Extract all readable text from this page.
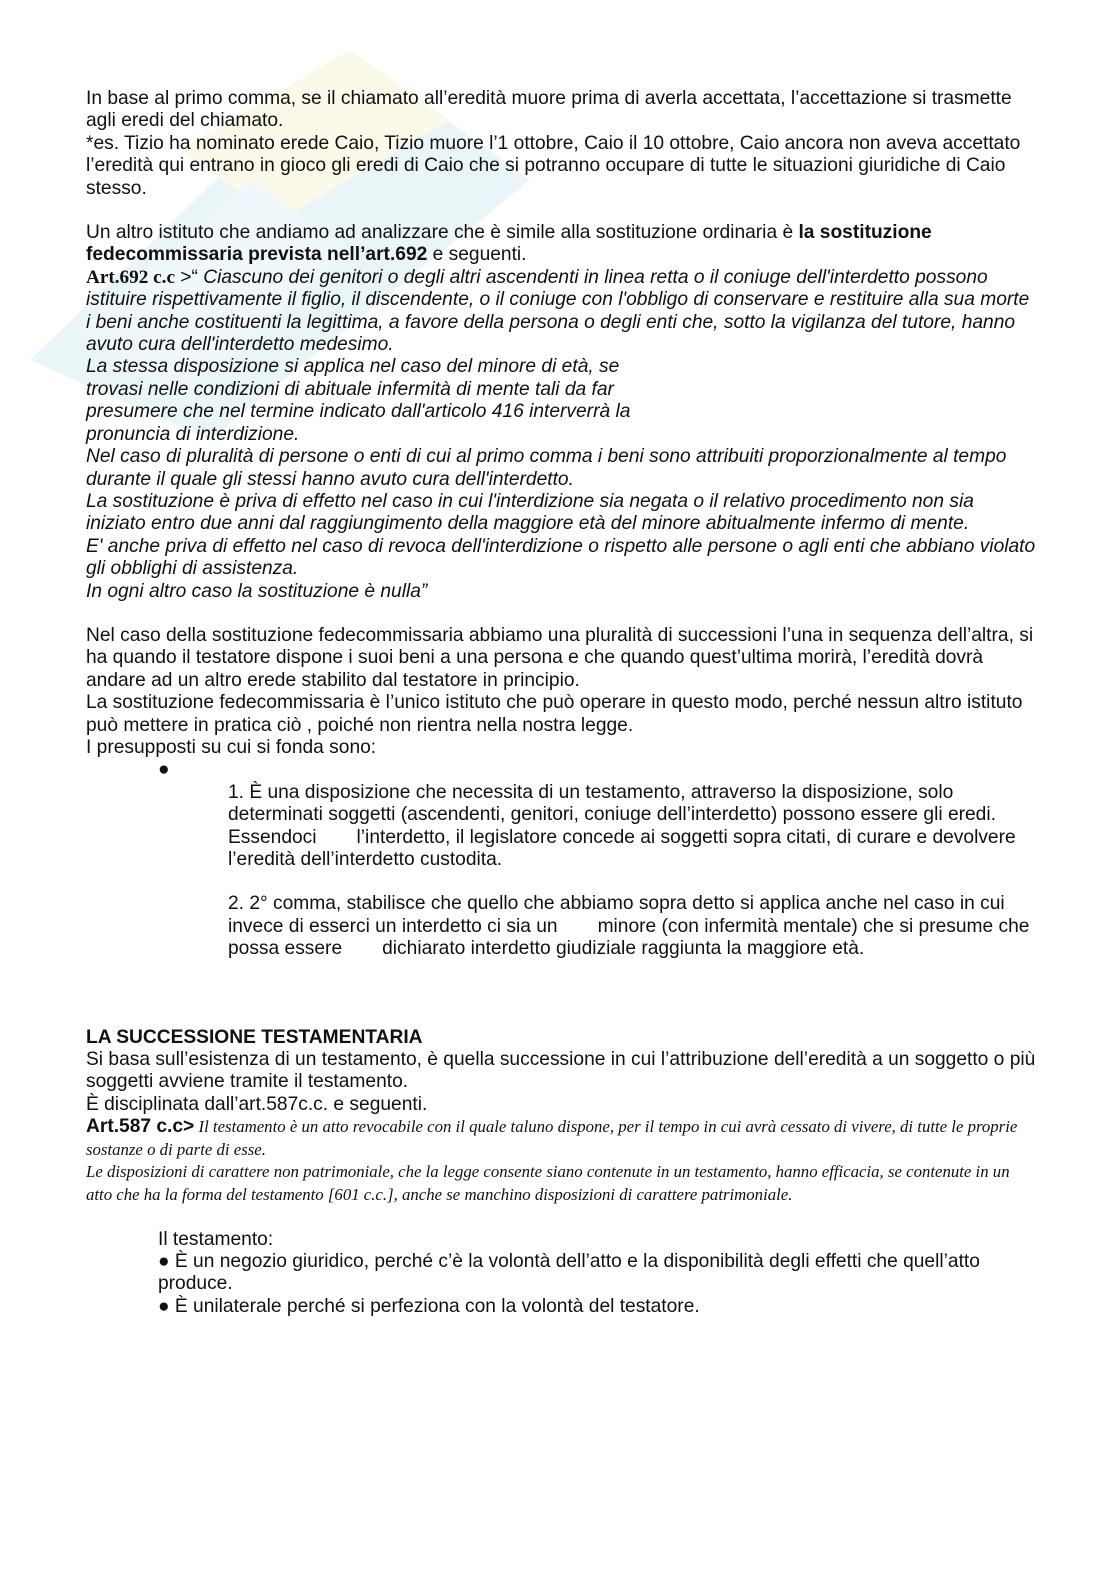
In base al primo comma, se il chiamato all’eredità muore prima di averla accettata, l’accettazione si trasmette agli eredi del chiamato.

*es. Tizio ha nominato erede Caio, Tizio muore l’1 ottobre, Caio il 10 ottobre, Caio ancora non aveva accettato l’eredità qui entrano in gioco gli eredi di Caio che si potranno occupare di tutte le situazioni giuridiche di Caio stesso.

Un altro istituto che andiamo ad analizzare che è simile alla sostituzione ordinaria è la sostituzione fedecommissaria prevista nell’art.692 e seguenti.

Art.692 c.c >“ Ciascuno dei genitori o degli altri ascendenti in linea retta o il coniuge dell'interdetto possono istituire rispettivamente il figlio, il discendente, o il coniuge con l'obbligo di conservare e restituire alla sua morte i beni anche costituenti la legittima, a favore della persona o degli enti che, sotto la vigilanza del tutore, hanno avuto cura dell'interdetto medesimo.

La stessa disposizione si applica nel caso del minore di età, se

trovasi nelle condizioni di abituale infermità di mente tali da far

presumere che nel termine indicato dall'articolo 416 interverrà la

pronuncia di interdizione.

Nel caso di pluralità di persone o enti di cui al primo comma i beni sono attribuiti proporzionalmente al tempo durante il quale gli stessi hanno avuto cura dell'interdetto.

La sostituzione è priva di effetto nel caso in cui l'interdizione sia negata o il relativo procedimento non sia iniziato entro due anni dal raggiungimento della maggiore età del minore abitualmente infermo di mente.

E' anche priva di effetto nel caso di revoca dell'interdizione o rispetto alle persone o agli enti che abbiano violato gli obblighi di assistenza.

In ogni altro caso la sostituzione è nulla”

Nel caso della sostituzione fedecommissaria abbiamo una pluralità di successioni l’una in sequenza dell’altra, si ha quando il testatore dispone i suoi beni a una persona e che quando quest’ultima morirà, l’eredità dovrà andare ad un altro erede stabilito dal testatore in principio.

La sostituzione fedecommissaria è l’unico istituto che può operare in questo modo, perché nessun altro istituto può mettere in pratica ciò , poiché non rientra nella nostra legge.

I presupposti su cui si fonda sono:

●

1. È una disposizione che necessita di un testamento, attraverso la disposizione, solo determinati soggetti (ascendenti, genitori, coniuge dell’interdetto) possono essere gli eredi. Essendoci l’interdetto, il legislatore concede ai soggetti sopra citati, di curare e devolvere l’eredità dell’interdetto custodita.

2. 2° comma, stabilisce che quello che abbiamo sopra detto si applica anche nel caso in cui invece di esserci un interdetto ci sia un minore (con infermità mentale) che si presume che possa essere dichiarato interdetto giudiziale raggiunta la maggiore età.

LA SUCCESSIONE TESTAMENTARIA

Si basa sull’esistenza di un testamento, è quella successione in cui l’attribuzione dell’eredità a un soggetto o più soggetti avviene tramite il testamento.

È disciplinata dall’art.587c.c. e seguenti.

Art.587 c.c> Il testamento è un atto revocabile con il quale taluno dispone, per il tempo in cui avrà cessato di vivere, di tutte le proprie sostanze o di parte di esse.

Le disposizioni di carattere non patrimoniale, che la legge consente siano contenute in un testamento, hanno efficacia, se contenute in un atto che ha la forma del testamento [601 c.c.], anche se manchino disposizioni di carattere patrimoniale.

Il testamento:

● È un negozio giuridico, perché c’è la volontà dell’atto e la disponibilità degli effetti che quell’atto produce.

● È unilaterale perché si perfeziona con la volontà del testatore.
